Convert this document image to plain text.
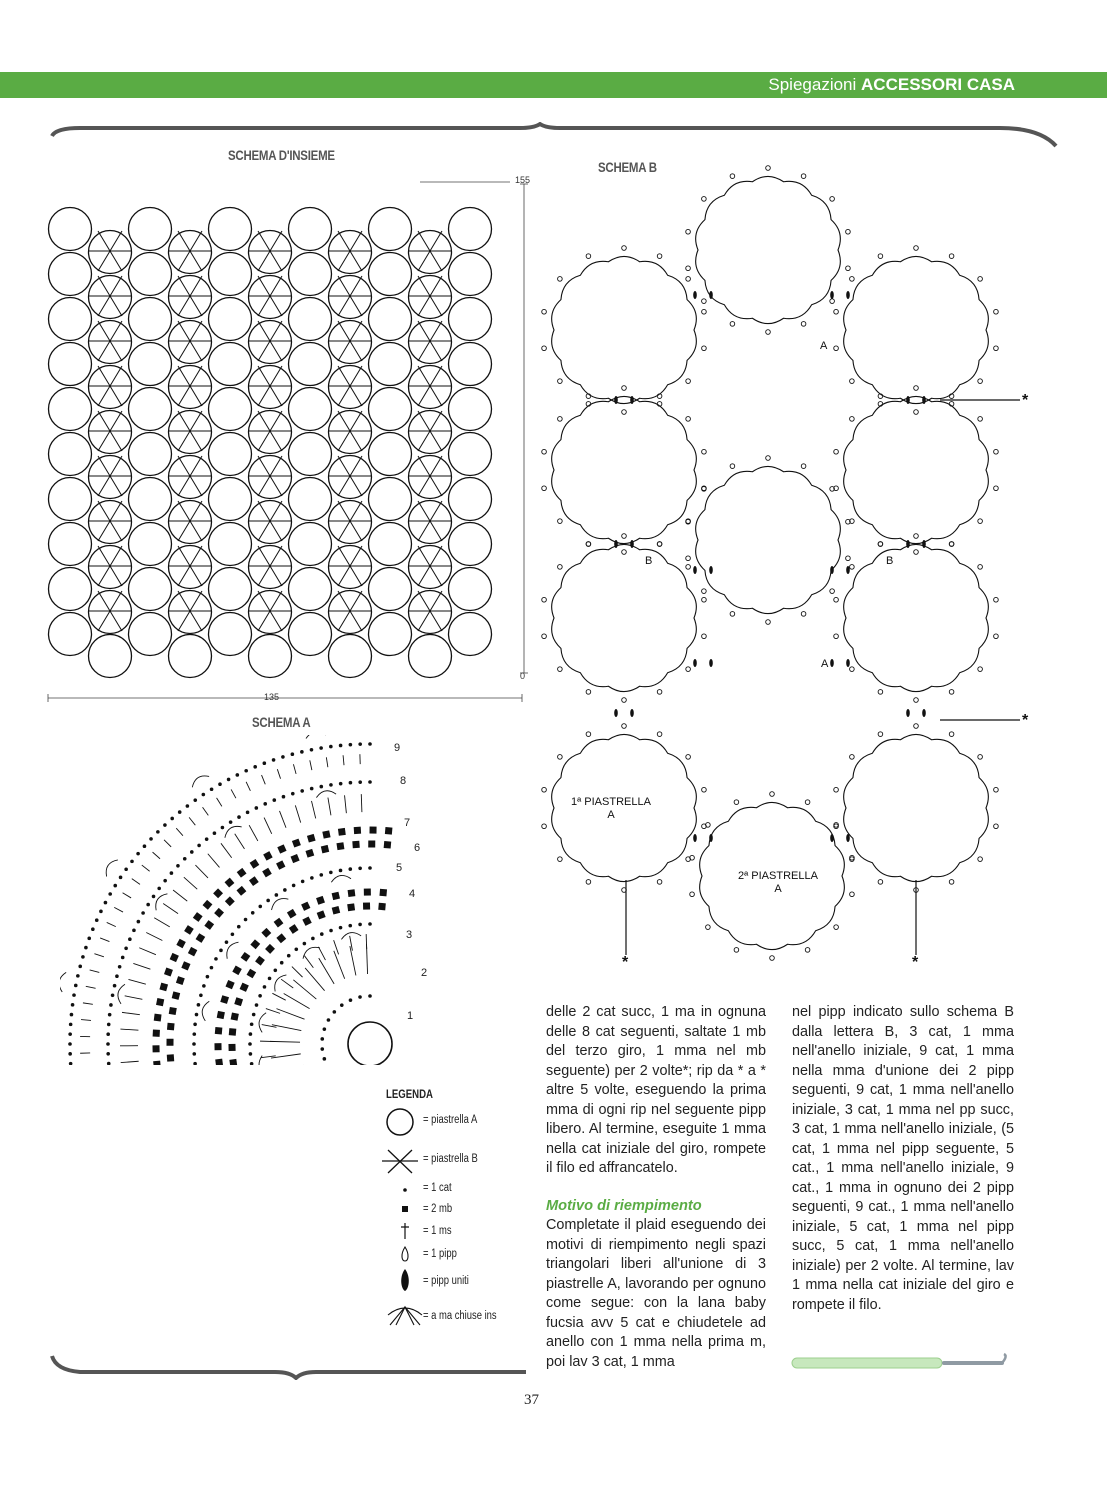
Spiegazioni ACCESSORI CASA
SCHEMA D'INSIEME
155
0
135
SCHEMA A
1
2
3
4
5
6
7
8
9
LEGENDA
= piastrella A
= piastrella B
= 1 cat
= 2 mb
= 1 ms
= 1 pipp
= pipp uniti
= a ma chiuse ins
SCHEMA B
1ª PIASTRELLA
A
2ª PIASTRELLA
A
A
A
B	B
*
*
*	*

delle 2 cat succ, 1 ma in ognuna delle 8 cat seguenti, saltate 1 mb del terzo giro, 1 mma nel mb seguente) per 2 volte*; rip da * a * altre 5 volte, eseguendo la prima mma di ogni rip nel seguente pipp libero. Al termine, eseguite 1 mma nella cat iniziale del giro, rompete il filo ed affrancatelo.

Motivo di riempimento

Completate il plaid eseguendo dei motivi di riempimento negli spazi triangolari liberi all'unione di 3 piastrelle A, lavorando per ognuno come segue: con la lana baby fucsia avv 5 cat e chiudetele ad anello con 1 mma nella prima m, poi lav 3 cat, 1 mma

nel pipp indicato sullo schema B dalla lettera B, 3 cat, 1 mma nell'anello iniziale, 9 cat, 1 mma nella mma d'unione dei 2 pipp seguenti, 9 cat, 1 mma nell'anello iniziale, 3 cat, 1 mma nel pp succ, 3 cat, 1 mma nell'anello iniziale, (5 cat, 1 mma nel pipp seguente, 5 cat., 1 mma nell'anello iniziale, 9 cat., 1 mma in ognuno dei 2 pipp seguenti, 9 cat., 1 mma nell'anello iniziale, 5 cat, 1 mma nel pipp succ, 5 cat, 1 mma nell'anello iniziale) per 2 volte. Al termine, lav 1 mma nella cat iniziale del giro e rompete il filo.

37
